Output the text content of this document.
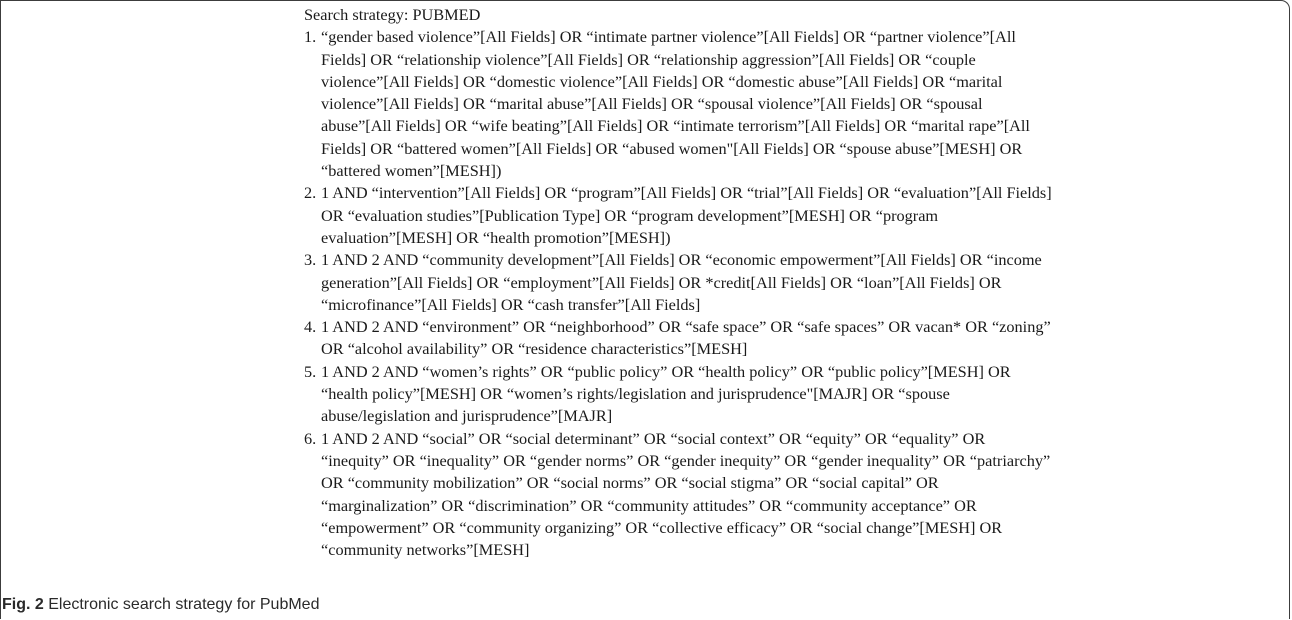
Search strategy: PUBMED

1. “gender based violence”[All Fields] OR “intimate partner violence”[All Fields] OR “partner violence”[All Fields] OR “relationship violence”[All Fields] OR “relationship aggression”[All Fields] OR “couple violence”[All Fields] OR “domestic violence”[All Fields] OR “domestic abuse”[All Fields] OR “marital violence”[All Fields] OR “marital abuse”[All Fields] OR “spousal violence”[All Fields] OR “spousal abuse”[All Fields] OR “wife beating”[All Fields] OR “intimate terrorism”[All Fields] OR “marital rape”[All Fields] OR “battered women”[All Fields] OR “abused women"[All Fields] OR “spouse abuse”[MESH] OR “battered women”[MESH])
2. 1 AND “intervention”[All Fields] OR “program”[All Fields] OR “trial”[All Fields] OR “evaluation”[All Fields] OR “evaluation studies”[Publication Type] OR “program development”[MESH] OR “program evaluation”[MESH] OR “health promotion”[MESH])
3. 1 AND 2 AND “community development”[All Fields] OR “economic empowerment”[All Fields] OR “income generation”[All Fields] OR “employment”[All Fields] OR *credit[All Fields] OR “loan”[All Fields] OR “microfinance”[All Fields] OR “cash transfer”[All Fields]
4. 1 AND 2 AND “environment” OR “neighborhood” OR “safe space” OR “safe spaces” OR vacan* OR “zoning” OR “alcohol availability” OR “residence characteristics”[MESH]
5. 1 AND 2 AND “women’s rights” OR “public policy” OR “health policy” OR “public policy”[MESH] OR “health policy”[MESH] OR “women’s rights/legislation and jurisprudence"[MAJR] OR “spouse abuse/legislation and jurisprudence”[MAJR]
6. 1 AND 2 AND “social” OR “social determinant” OR “social context” OR “equity” OR “equality” OR “inequity” OR “inequality” OR “gender norms” OR “gender inequity” OR “gender inequality” OR “patriarchy” OR “community mobilization” OR “social norms” OR “social stigma” OR “social capital” OR “marginalization” OR “discrimination” OR “community attitudes” OR “community acceptance” OR “empowerment” OR “community organizing” OR “collective efficacy” OR “social change”[MESH] OR “community networks”[MESH]
Fig. 2 Electronic search strategy for PubMed
